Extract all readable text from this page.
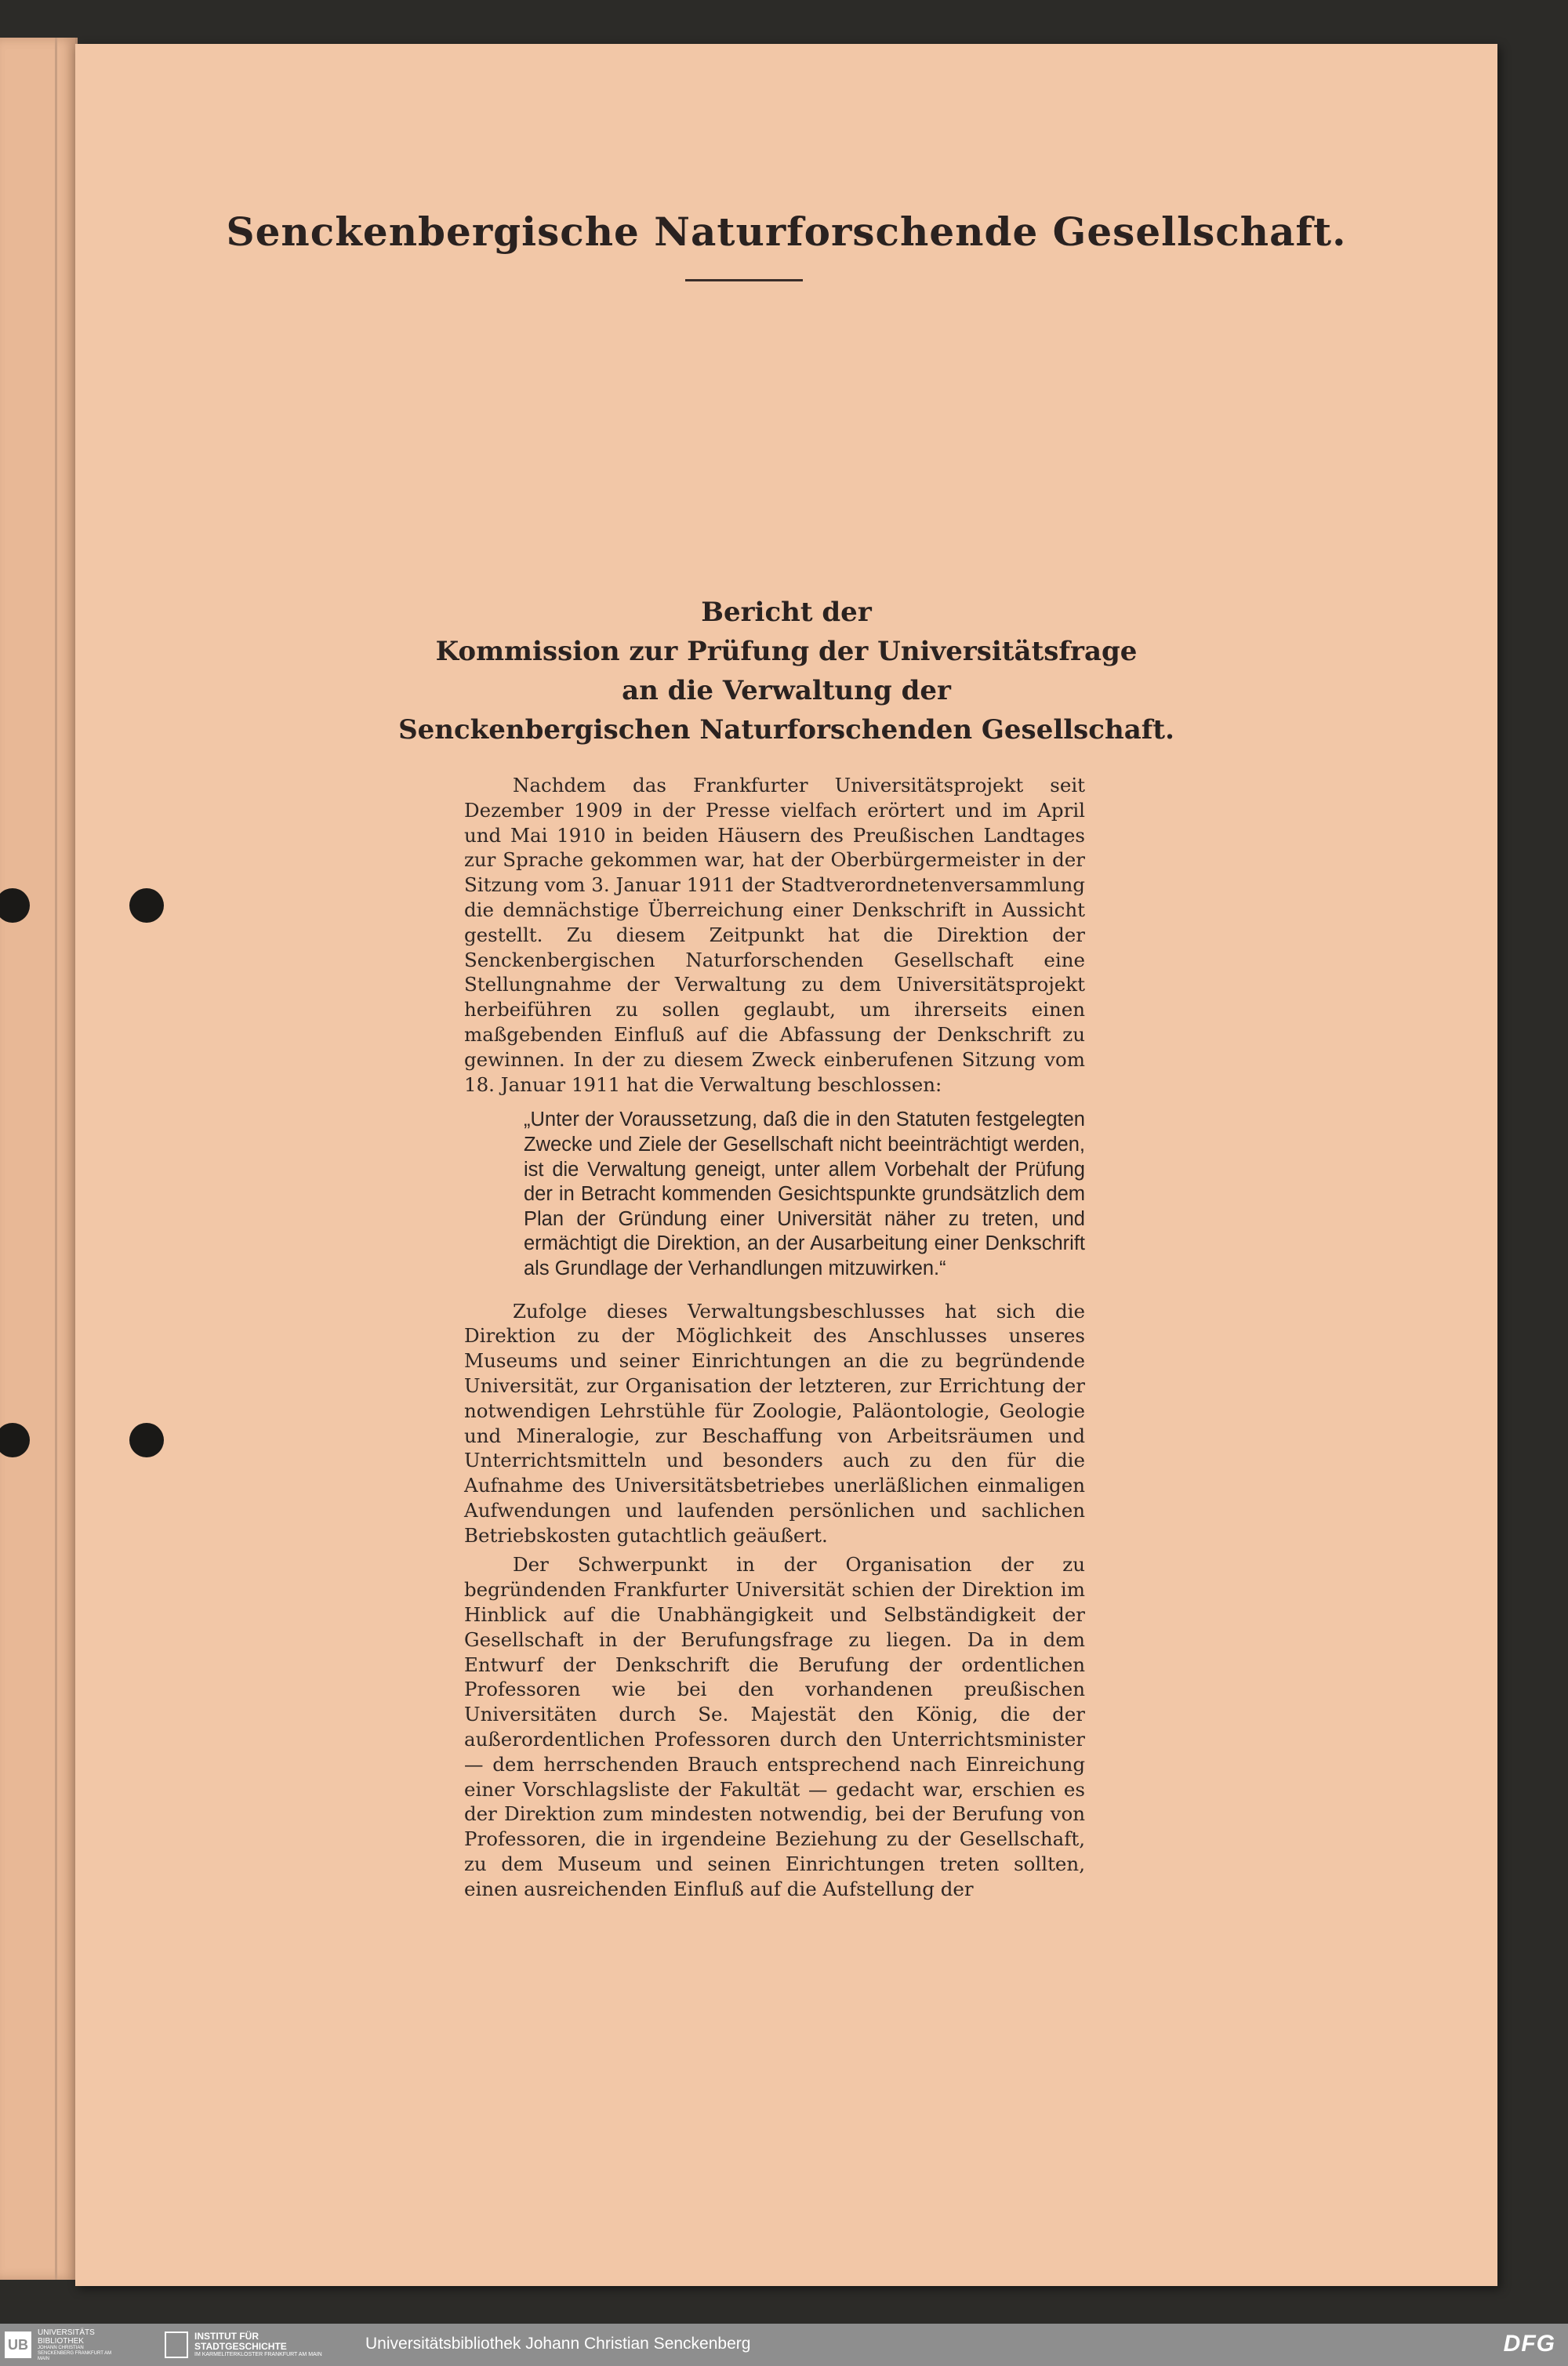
Senckenbergische Naturforschende Gesellschaft.
Bericht der
Kommission zur Prüfung der Universitätsfrage
an die Verwaltung der
Senckenbergischen Naturforschenden Gesellschaft.

Nachdem das Frankfurter Universitätsprojekt seit Dezember 1909 in der Presse vielfach erörtert und im April und Mai 1910 in beiden Häusern des Preußischen Landtages zur Sprache gekommen war, hat der Oberbürgermeister in der Sitzung vom 3. Januar 1911 der Stadtverordnetenversammlung die demnächstige Überreichung einer Denkschrift in Aussicht gestellt. Zu diesem Zeitpunkt hat die Direktion der Senckenbergischen Naturforschenden Gesellschaft eine Stellungnahme der Verwaltung zu dem Universitätsprojekt herbeiführen zu sollen geglaubt, um ihrerseits einen maßgebenden Einfluß auf die Abfassung der Denkschrift zu gewinnen. In der zu diesem Zweck einberufenen Sitzung vom 18. Januar 1911 hat die Verwaltung beschlossen:

„Unter der Voraussetzung, daß die in den Statuten festgelegten Zwecke und Ziele der Gesellschaft nicht beeinträchtigt werden, ist die Verwaltung geneigt, unter allem Vorbehalt der Prüfung der in Betracht kommenden Gesichtspunkte grundsätzlich dem Plan der Gründung einer Universität näher zu treten, und ermächtigt die Direktion, an der Ausarbeitung einer Denkschrift als Grundlage der Verhandlungen mitzuwirken.“

Zufolge dieses Verwaltungsbeschlusses hat sich die Direktion zu der Möglichkeit des Anschlusses unseres Museums und seiner Einrichtungen an die zu begründende Universität, zur Organisation der letzteren, zur Errichtung der notwendigen Lehrstühle für Zoologie, Paläontologie, Geologie und Mineralogie, zur Beschaffung von Arbeitsräumen und Unterrichtsmitteln und besonders auch zu den für die Aufnahme des Universitätsbetriebes unerläßlichen einmaligen Aufwendungen und laufenden persönlichen und sachlichen Betriebskosten gutachtlich geäußert.

Der Schwerpunkt in der Organisation der zu begründenden Frankfurter Universität schien der Direktion im Hinblick auf die Unabhängigkeit und Selbständigkeit der Gesellschaft in der Berufungsfrage zu liegen. Da in dem Entwurf der Denkschrift die Berufung der ordentlichen Professoren wie bei den vorhandenen preußischen Universitäten durch Se. Majestät den König, die der außerordentlichen Professoren durch den Unterrichtsminister — dem herrschenden Brauch entsprechend nach Einreichung einer Vorschlagsliste der Fakultät — gedacht war, erschien es der Direktion zum mindesten notwendig, bei der Berufung von Professoren, die in irgendeine Beziehung zu der Gesellschaft, zu dem Museum und seinen Einrichtungen treten sollten, einen ausreichenden Einfluß auf die Aufstellung der

UB
UNIVERSITÄTS BIBLIOTHEK
JOHANN CHRISTIAN SENCKENBERG FRANKFURT AM MAIN
INSTITUT FÜR STADTGESCHICHTE
IM KARMELITERKLOSTER FRANKFURT AM MAIN
Universitätsbibliothek Johann Christian Senckenberg	DFG
